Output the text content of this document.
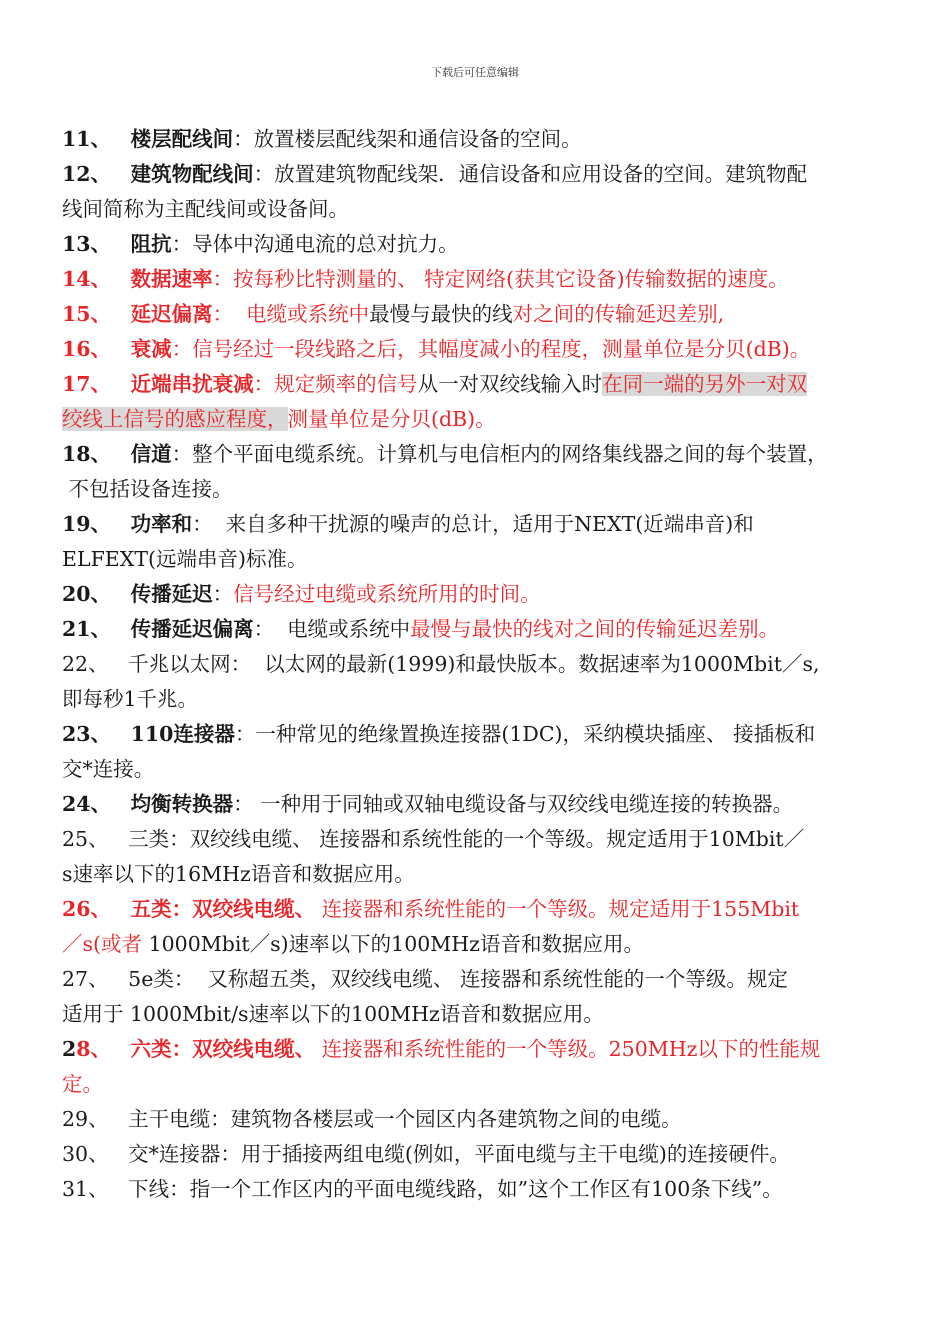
下载后可任意编辑

11、 楼层配线间：放置楼层配线架和通信设备的空间。

12、 建筑物配线间：放置建筑物配线架．通信设备和应用设备的空间。建筑物配
线间简称为主配线间或设备间。

13、 阻抗：导体中沟通电流的总对抗力。

14、 数据速率：按每秒比特测量的、 特定网络(获其它设备)传输数据的速度。

15、 延迟偏离： 电缆或系统中最慢与最快的线对之间的传输延迟差别,

16、 衰减：信号经过一段线路之后，其幅度减小的程度，测量单位是分贝(dB)。

17、 近端串扰衰减：规定频率的信号从一对双绞线输入时在同一端的另外一对双
绞线上信号的感应程度，测量单位是分贝(dB)。

18、 信道：整个平面电缆系统。计算机与电信柜内的网络集线器之间的每个装置，
不包括设备连接。

19、 功率和：  来自多种干扰源的噪声的总计，适用于NEXT(近端串音)和
ELFEXT(远端串音)标准。

20、 传播延迟：信号经过电缆或系统所用的时间。

21、 传播延迟偏离：  电缆或系统中最慢与最快的线对之间的传输延迟差别。

22、 千兆以太网：  以太网的最新(1999)和最快版本。数据速率为1000Mbit／s,
即每秒1千兆。

23、 110连接器：一种常见的绝缘置换连接器(1DC)，采纳模块插座、 接插板和
交*连接。

24、 均衡转换器： 一种用于同轴或双轴电缆设备与双绞线电缆连接的转换器。

25、 三类：双绞线电缆、 连接器和系统性能的一个等级。规定适用于10Mbit／
s速率以下的16MHz语音和数据应用。

26、 五类：双绞线电缆、 连接器和系统性能的一个等级。规定适用于155Mbit
／s(或者 1000Mbit／s)速率以下的100MHz语音和数据应用。

27、 5e类：  又称超五类，双绞线电缆、 连接器和系统性能的一个等级。规定
适用于 1000Mbit/s速率以下的100MHz语音和数据应用。

28、 六类：双绞线电缆、 连接器和系统性能的一个等级。250MHz以下的性能规
定。

29、 主干电缆：建筑物各楼层或一个园区内各建筑物之间的电缆。

30、 交*连接器：用于插接两组电缆(例如，平面电缆与主干电缆)的连接硬件。

31、 下线：指一个工作区内的平面电缆线路，如”这个工作区有100条下线”。
